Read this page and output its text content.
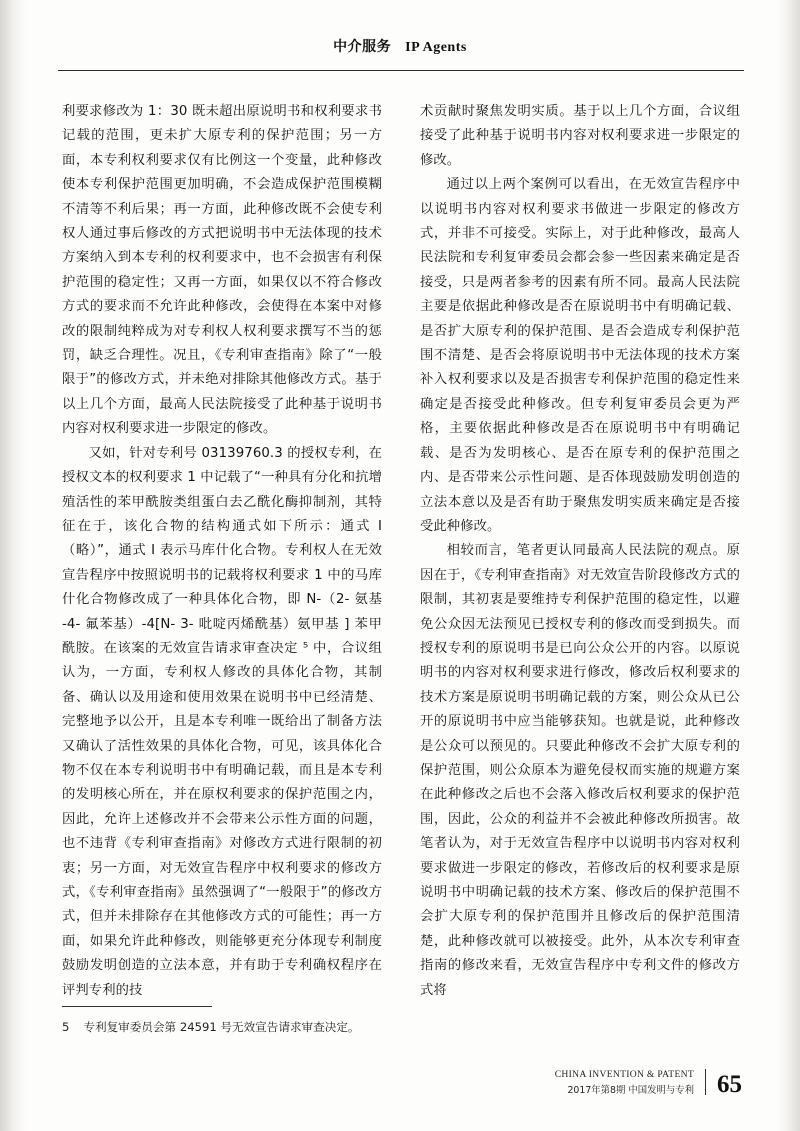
中介服务 IP Agents

利要求修改为 1：30 既未超出原说明书和权利要求书记载的范围，更未扩大原专利的保护范围；另一方面，本专利权利要求仅有比例这一个变量，此种修改使本专利保护范围更加明确，不会造成保护范围模糊不清等不利后果；再一方面，此种修改既不会使专利权人通过事后修改的方式把说明书中无法体现的技术方案纳入到本专利的权利要求中，也不会损害有利保护范围的稳定性；又再一方面，如果仅以不符合修改方式的要求而不允许此种修改，会使得在本案中对修改的限制纯粹成为对专利权人权利要求撰写不当的惩罚，缺乏合理性。况且，《专利审查指南》除了“一般限于”的修改方式，并未绝对排除其他修改方式。基于以上几个方面，最高人民法院接受了此种基于说明书内容对权利要求进一步限定的修改。

又如，针对专利号 03139760.3 的授权专利，在授权文本的权利要求 1 中记载了“一种具有分化和抗增殖活性的苯甲酰胺类组蛋白去乙酰化酶抑制剂，其特征在于，该化合物的结构通式如下所示：通式 I（略）”，通式 I 表示马库什化合物。专利权人在无效宣告程序中按照说明书的记载将权利要求 1 中的马库什化合物修改成了一种具体化合物，即 N-（2- 氨基 -4- 氟苯基）-4[N- 3- 吡啶丙烯酰基）氨甲基 ] 苯甲酰胺。在该案的无效宣告请求审查决定 ⁵ 中，合议组认为，一方面，专利权人修改的具体化合物，其制备、确认以及用途和使用效果在说明书中已经清楚、完整地予以公开，且是本专利唯一既给出了制备方法又确认了活性效果的具体化合物，可见，该具体化合物不仅在本专利说明书中有明确记载，而且是本专利的发明核心所在，并在原权利要求的保护范围之内，因此，允许上述修改并不会带来公示性方面的问题，也不违背《专利审查指南》对修改方式进行限制的初衷；另一方面，对无效宣告程序中权利要求的修改方式，《专利审查指南》虽然强调了“一般限于”的修改方式，但并未排除存在其他修改方式的可能性；再一方面，如果允许此种修改，则能够更充分体现专利制度鼓励发明创造的立法本意，并有助于专利确权程序在评判专利的技

术贡献时聚焦发明实质。基于以上几个方面，合议组接受了此种基于说明书内容对权利要求进一步限定的修改。

通过以上两个案例可以看出，在无效宣告程序中以说明书内容对权利要求书做进一步限定的修改方式，并非不可接受。实际上，对于此种修改，最高人民法院和专利复审委员会都会参一些因素来确定是否接受，只是两者参考的因素有所不同。最高人民法院主要是依据此种修改是否在原说明书中有明确记载、是否扩大原专利的保护范围、是否会造成专利保护范围不清楚、是否会将原说明书中无法体现的技术方案补入权利要求以及是否损害专利保护范围的稳定性来确定是否接受此种修改。但专利复审委员会更为严格，主要依据此种修改是否在原说明书中有明确记载、是否为发明核心、是否在原专利的保护范围之内、是否带来公示性问题、是否体现鼓励发明创造的立法本意以及是否有助于聚焦发明实质来确定是否接受此种修改。

相较而言，笔者更认同最高人民法院的观点。原因在于，《专利审查指南》对无效宣告阶段修改方式的限制，其初衷是要维持专利保护范围的稳定性，以避免公众因无法预见已授权专利的修改而受到损失。而授权专利的原说明书是已向公众公开的内容。以原说明书的内容对权利要求进行修改，修改后权利要求的技术方案是原说明书明确记载的方案，则公众从已公开的原说明书中应当能够获知。也就是说，此种修改是公众可以预见的。只要此种修改不会扩大原专利的保护范围，则公众原本为避免侵权而实施的规避方案在此种修改之后也不会落入修改后权利要求的保护范围，因此，公众的利益并不会被此种修改所损害。故笔者认为，对于无效宣告程序中以说明书内容对权利要求做进一步限定的修改，若修改后的权利要求是原说明书中明确记载的技术方案、修改后的保护范围不会扩大原专利的保护范围并且修改后的保护范围清楚，此种修改就可以被接受。此外，从本次专利审查指南的修改来看，无效宣告程序中专利文件的修改方式将

5 专利复审委员会第 24591 号无效宣告请求审查决定。
CHINA INVENTION & PATENT
2017年第8期 中国发明与专利 65
